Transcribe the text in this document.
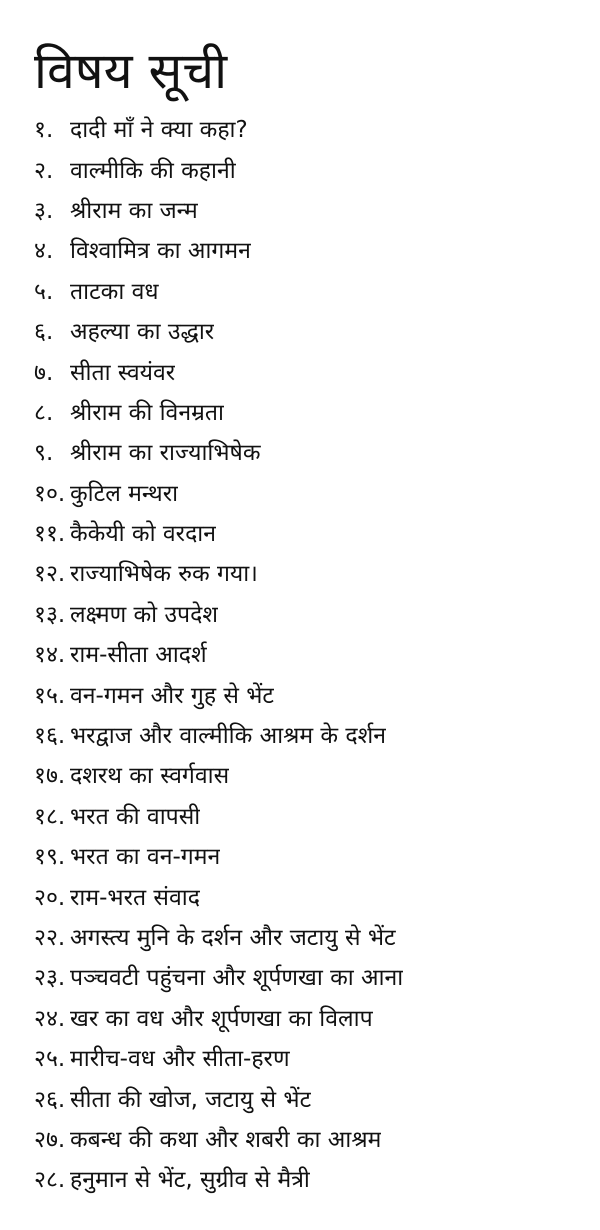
विषय सूची
१. दादी माँ ने क्या कहा?
२. वाल्मीकि की कहानी
३. श्रीराम का जन्म
४. विश्वामित्र का आगमन
५. ताटका वध
६. अहल्या का उद्धार
७. सीता स्वयंवर
८. श्रीराम की विनम्रता
९. श्रीराम का राज्याभिषेक
१०. कुटिल मन्थरा
११. कैकेयी को वरदान
१२. राज्याभिषेक रुक गया।
१३. लक्ष्मण को उपदेश
१४. राम-सीता आदर्श
१५. वन-गमन और गुह से भेंट
१६. भरद्वाज और वाल्मीकि आश्रम के दर्शन
१७. दशरथ का स्वर्गवास
१८. भरत की वापसी
१९. भरत का वन-गमन
२०. राम-भरत संवाद
२२. अगस्त्य मुनि के दर्शन और जटायु से भेंट
२३. पञ्चवटी पहुंचना और शूर्पणखा का आना
२४. खर का वध और शूर्पणखा का विलाप
२५. मारीच-वध और सीता-हरण
२६. सीता की खोज, जटायु से भेंट
२७. कबन्ध की कथा और शबरी का आश्रम
२८. हनुमान से भेंट, सुग्रीव से मैत्री
